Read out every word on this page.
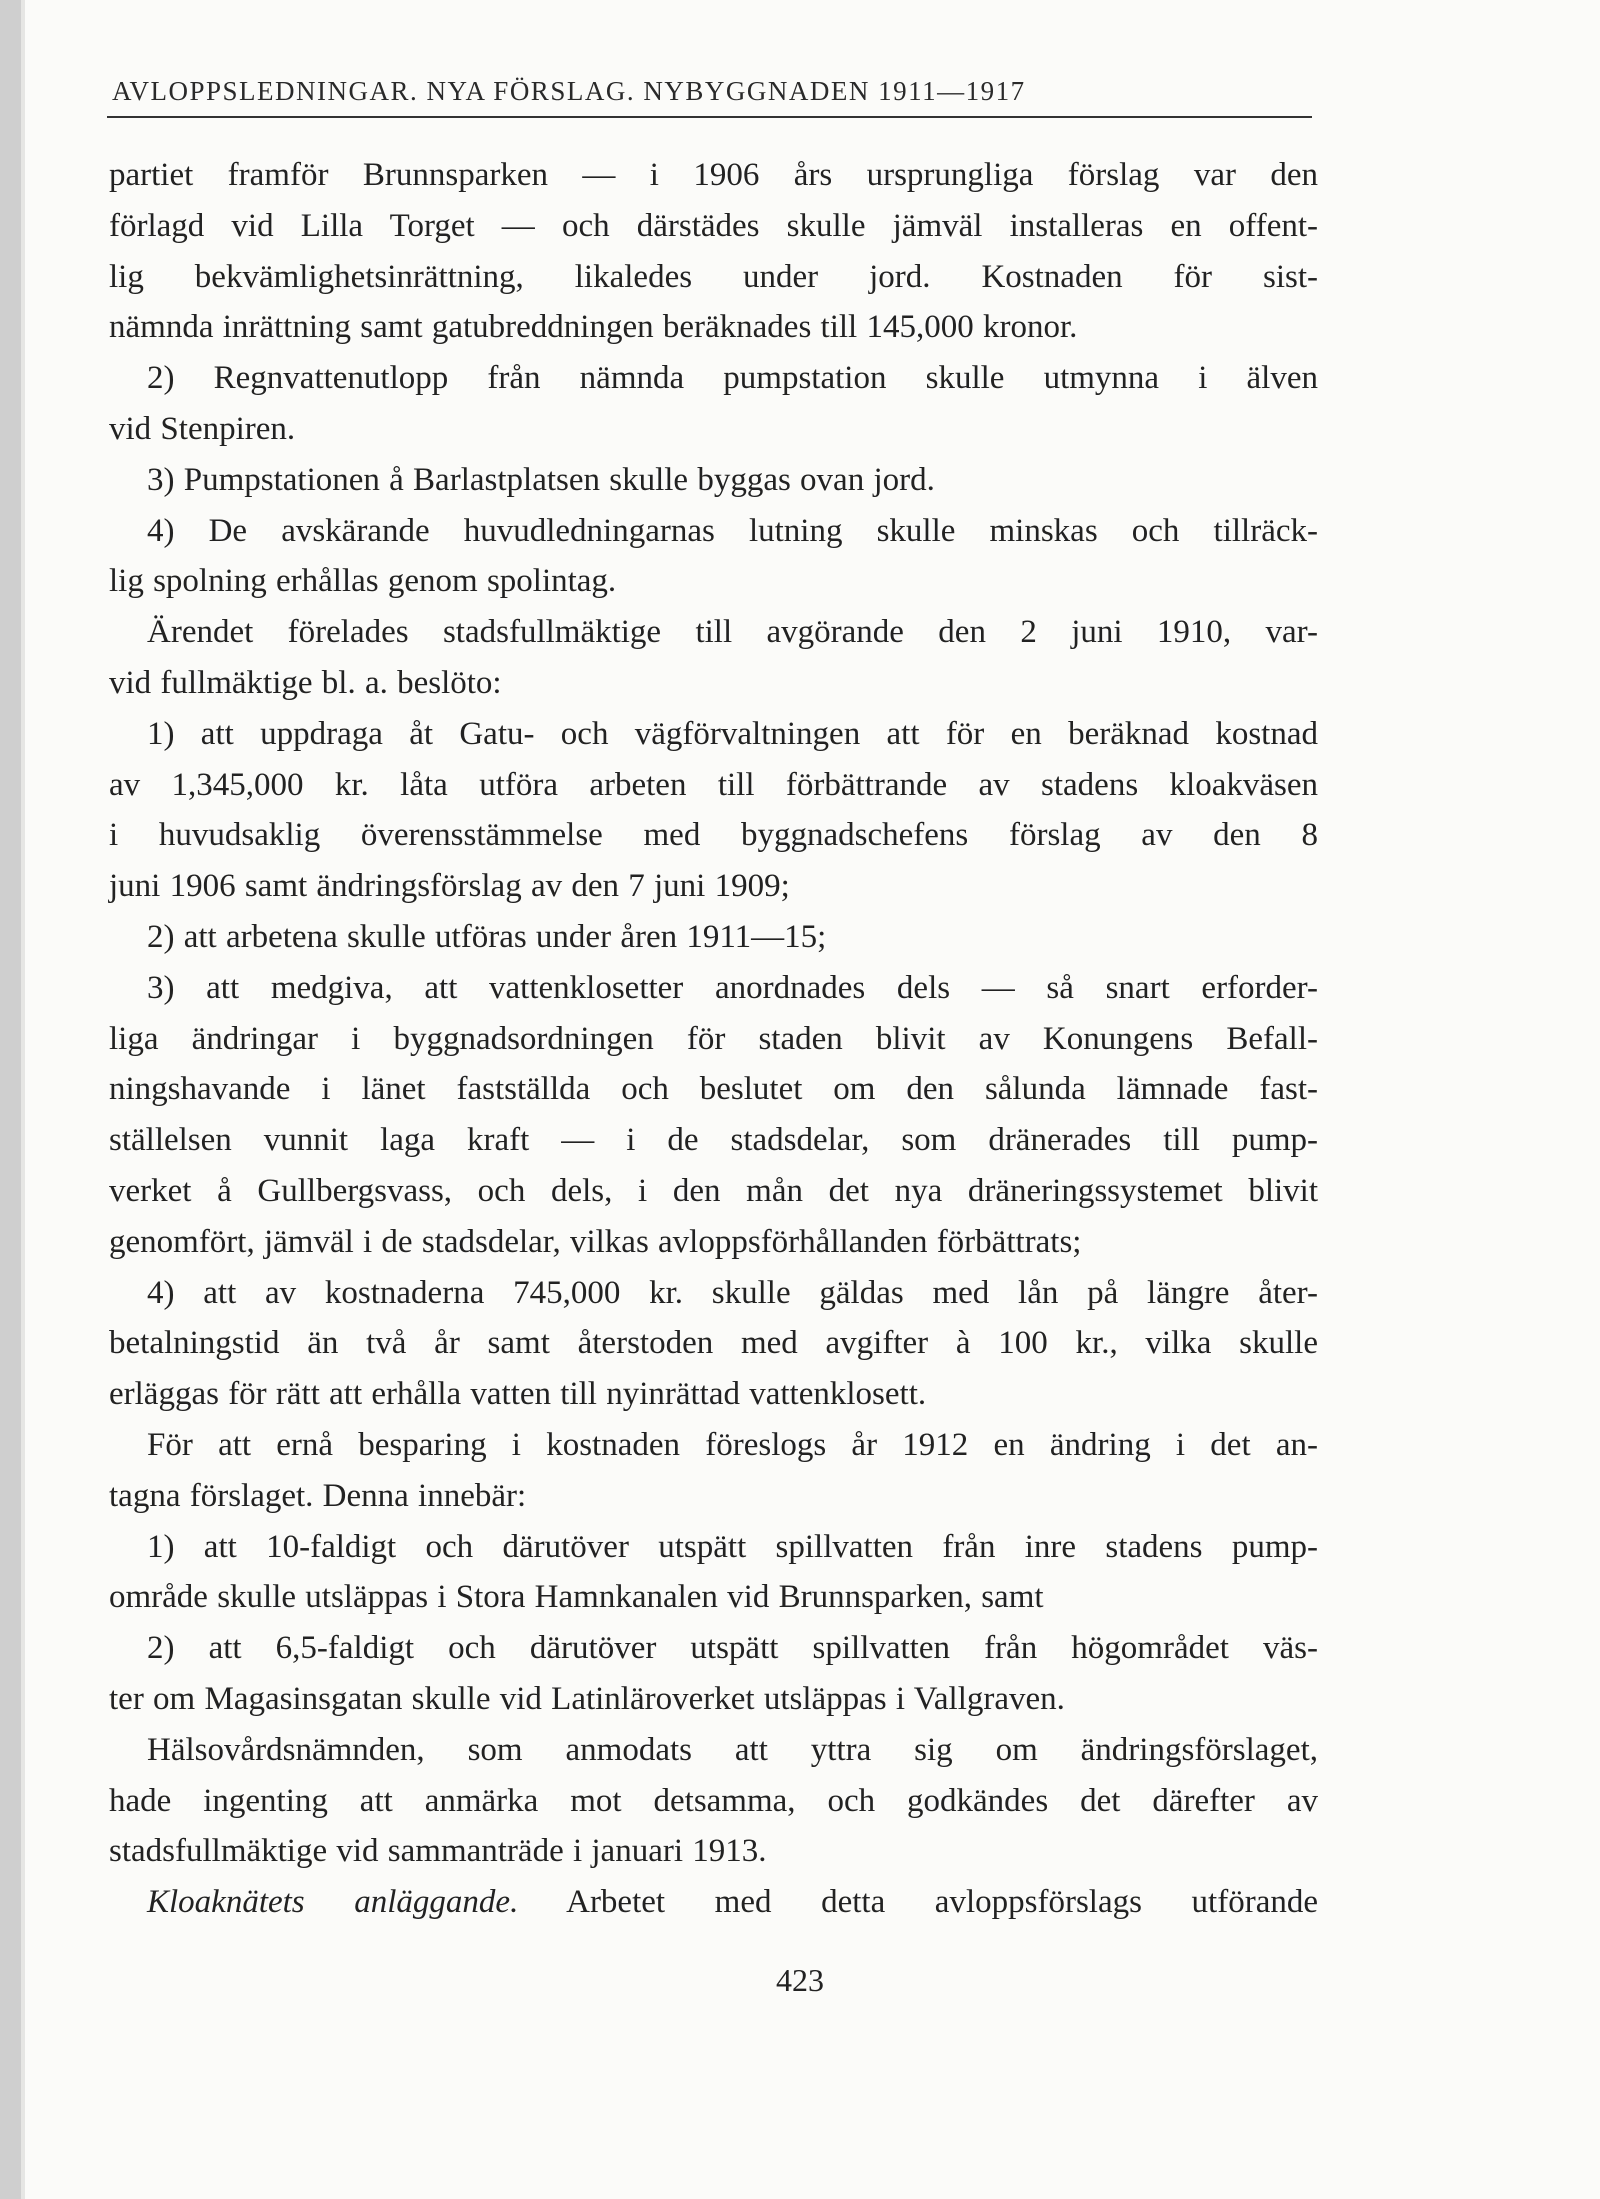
AVLOPPSLEDNINGAR. NYA FÖRSLAG. NYBYGGNADEN 1911—1917
partiet framför Brunnsparken — i 1906 års ursprungliga förslag var den
förlagd vid Lilla Torget — och därstädes skulle jämväl installeras en offent-
lig bekvämlighetsinrättning, likaledes under jord. Kostnaden för sist-
nämnda inrättning samt gatubreddningen beräknades till 145,000 kronor.
2) Regnvattenutlopp från nämnda pumpstation skulle utmynna i älven
vid Stenpiren.
3) Pumpstationen å Barlastplatsen skulle byggas ovan jord.
4) De avskärande huvudledningarnas lutning skulle minskas och tillräck-
lig spolning erhållas genom spolintag.
Ärendet förelades stadsfullmäktige till avgörande den 2 juni 1910, var-
vid fullmäktige bl. a. beslöto:
1) att uppdraga åt Gatu- och vägförvaltningen att för en beräknad kostnad
av 1,345,000 kr. låta utföra arbeten till förbättrande av stadens kloakväsen
i huvudsaklig överensstämmelse med byggnadschefens förslag av den 8
juni 1906 samt ändringsförslag av den 7 juni 1909;
2) att arbetena skulle utföras under åren 1911—15;
3) att medgiva, att vattenklosetter anordnades dels — så snart erforder-
liga ändringar i byggnadsordningen för staden blivit av Konungens Befall-
ningshavande i länet fastställda och beslutet om den sålunda lämnade fast-
ställelsen vunnit laga kraft — i de stadsdelar, som dränerades till pump-
verket å Gullbergsvass, och dels, i den mån det nya dräneringssystemet blivit
genomfört, jämväl i de stadsdelar, vilkas avloppsförhållanden förbättrats;
4) att av kostnaderna 745,000 kr. skulle gäldas med lån på längre åter-
betalningstid än två år samt återstoden med avgifter à 100 kr., vilka skulle
erläggas för rätt att erhålla vatten till nyinrättad vattenklosett.
För att ernå besparing i kostnaden föreslogs år 1912 en ändring i det an-
tagna förslaget. Denna innebär:
1) att 10-faldigt och därutöver utspätt spillvatten från inre stadens pump-
område skulle utsläppas i Stora Hamnkanalen vid Brunnsparken, samt
2) att 6,5-faldigt och därutöver utspätt spillvatten från högområdet väs-
ter om Magasinsgatan skulle vid Latinläroverket utsläppas i Vallgraven.
Hälsovårdsnämnden, som anmodats att yttra sig om ändringsförslaget,
hade ingenting att anmärka mot detsamma, och godkändes det därefter av
stadsfullmäktige vid sammanträde i januari 1913.
Kloaknätets anläggande. Arbetet med detta avloppsförslags utförande
423
